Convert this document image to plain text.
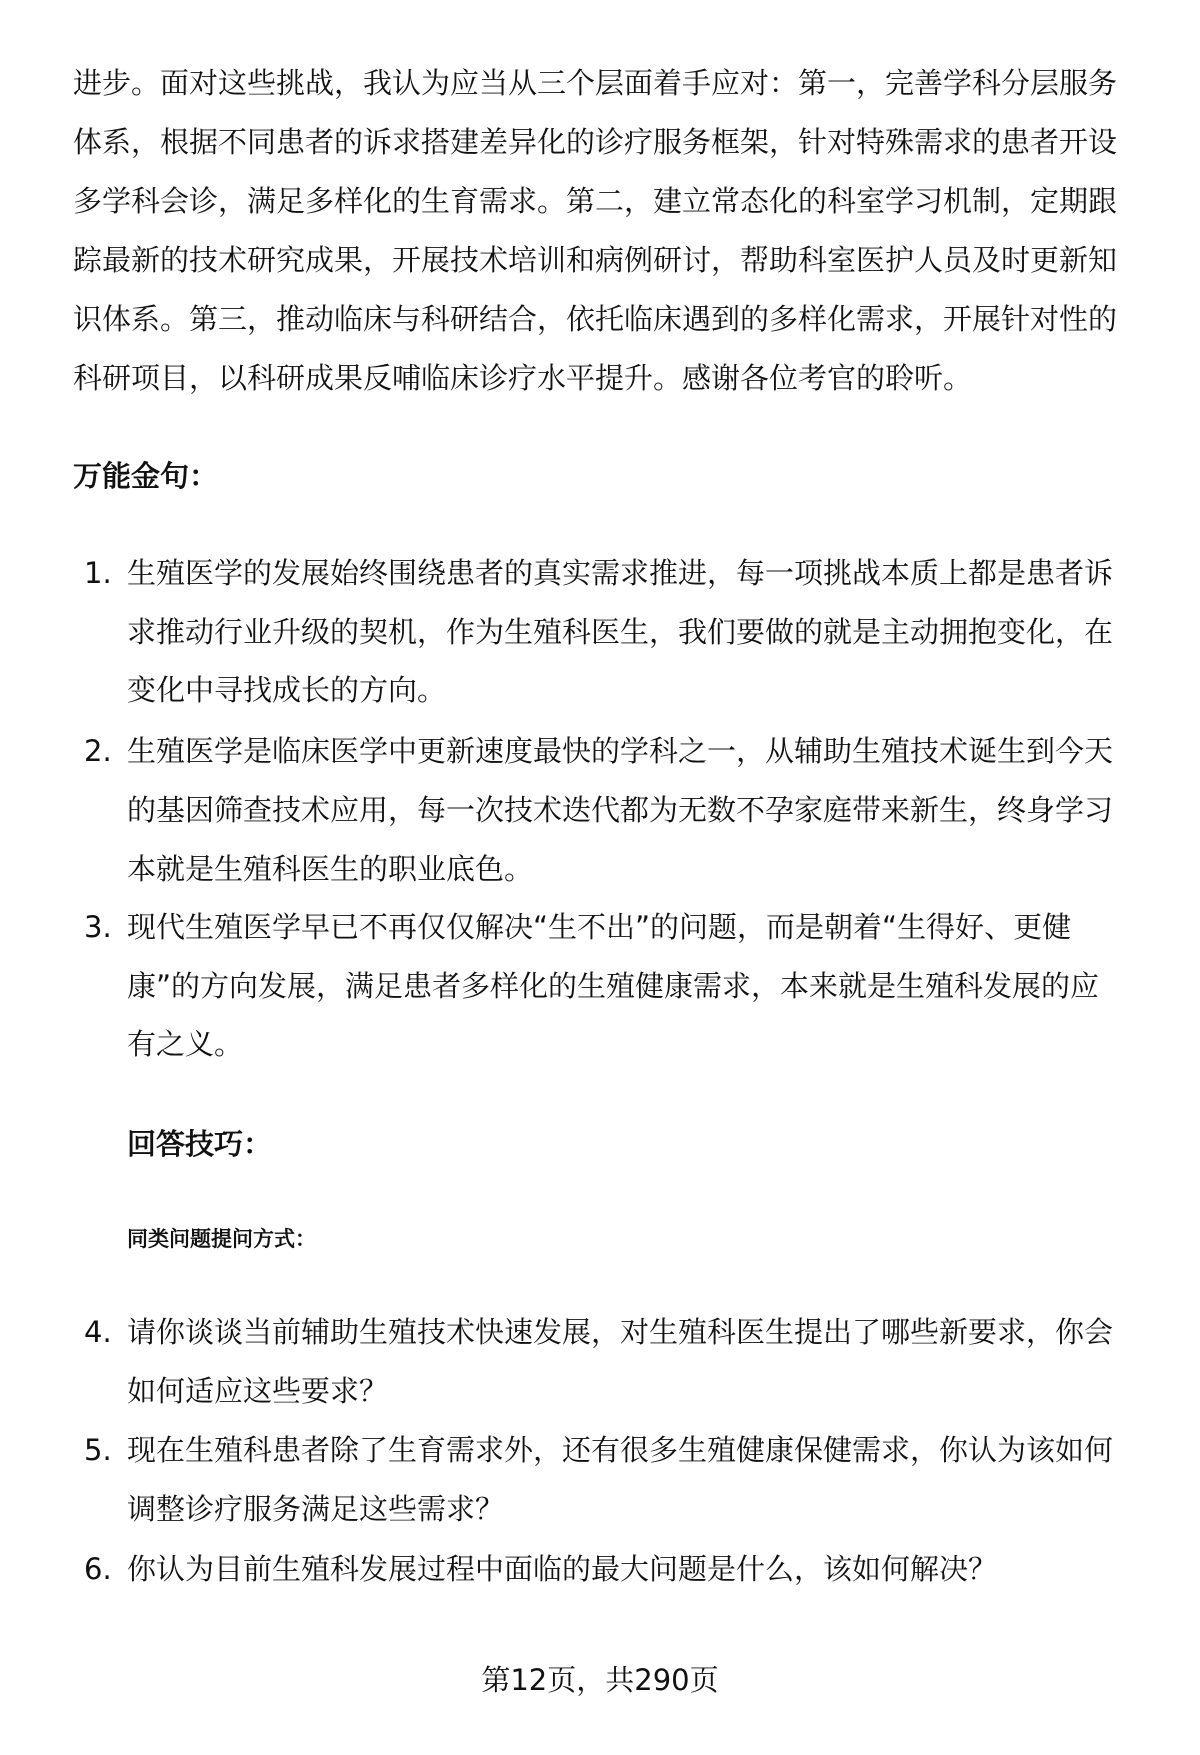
进步。面对这些挑战，我认为应当从三个层面着手应对：第一，完善学科分层服务
体系，根据不同患者的诉求搭建差异化的诊疗服务框架，针对特殊需求的患者开设
多学科会诊，满足多样化的生育需求。第二，建立常态化的科室学习机制，定期跟
踪最新的技术研究成果，开展技术培训和病例研讨，帮助科室医护人员及时更新知
识体系。第三，推动临床与科研结合，依托临床遇到的多样化需求，开展针对性的
科研项目，以科研成果反哺临床诊疗水平提升。感谢各位考官的聆听。
万能金句：
1. 生殖医学的发展始终围绕患者的真实需求推进，每一项挑战本质上都是患者诉
求推动行业升级的契机，作为生殖科医生，我们要做的就是主动拥抱变化，在
变化中寻找成长的方向。
2. 生殖医学是临床医学中更新速度最快的学科之一，从辅助生殖技术诞生到今天
的基因筛查技术应用，每一次技术迭代都为无数不孕家庭带来新生，终身学习
本就是生殖科医生的职业底色。
3. 现代生殖医学早已不再仅仅解决“生不出”的问题，而是朝着“生得好、更健
康”的方向发展，满足患者多样化的生殖健康需求，本来就是生殖科发展的应
有之义。
回答技巧：
同类问题提问方式：
4. 请你谈谈当前辅助生殖技术快速发展，对生殖科医生提出了哪些新要求，你会
如何适应这些要求？
5. 现在生殖科患者除了生育需求外，还有很多生殖健康保健需求，你认为该如何
调整诊疗服务满足这些需求？
6. 你认为目前生殖科发展过程中面临的最大问题是什么，该如何解决？
第12页，共290页
